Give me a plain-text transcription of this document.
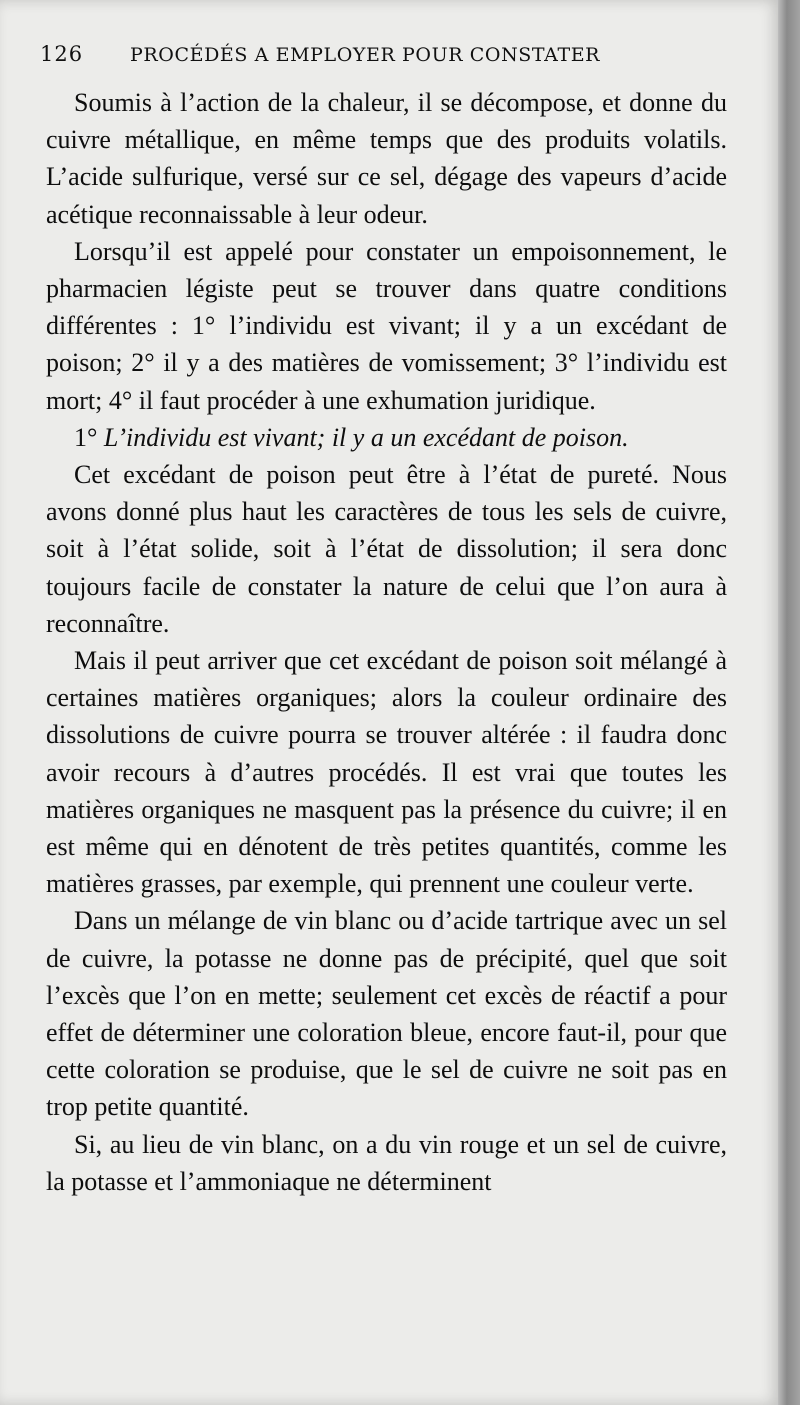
126 PROCÉDÉS A EMPLOYER POUR CONSTATER

Soumis à l’action de la chaleur, il se décompose, et donne du cuivre métallique, en même temps que des produits volatils. L’acide sulfurique, versé sur ce sel, dégage des vapeurs d’acide acétique reconnaissable à leur odeur.

Lorsqu’il est appelé pour constater un empoisonnement, le pharmacien légiste peut se trouver dans quatre conditions différentes : 1° l’individu est vivant; il y a un excédant de poison; 2° il y a des matières de vomissement; 3° l’individu est mort; 4° il faut procéder à une exhumation juridique.

1° L’individu est vivant; il y a un excédant de poison.

Cet excédant de poison peut être à l’état de pureté. Nous avons donné plus haut les caractères de tous les sels de cuivre, soit à l’état solide, soit à l’état de dissolution; il sera donc toujours facile de constater la nature de celui que l’on aura à reconnaître.

Mais il peut arriver que cet excédant de poison soit mélangé à certaines matières organiques; alors la couleur ordinaire des dissolutions de cuivre pourra se trouver altérée : il faudra donc avoir recours à d’autres procédés. Il est vrai que toutes les matières organiques ne masquent pas la présence du cuivre; il en est même qui en dénotent de très petites quantités, comme les matières grasses, par exemple, qui prennent une couleur verte.

Dans un mélange de vin blanc ou d’acide tartrique avec un sel de cuivre, la potasse ne donne pas de précipité, quel que soit l’excès que l’on en mette; seulement cet excès de réactif a pour effet de déterminer une coloration bleue, encore faut-il, pour que cette coloration se produise, que le sel de cuivre ne soit pas en trop petite quantité.

Si, au lieu de vin blanc, on a du vin rouge et un sel de cuivre, la potasse et l’ammoniaque ne déterminent
